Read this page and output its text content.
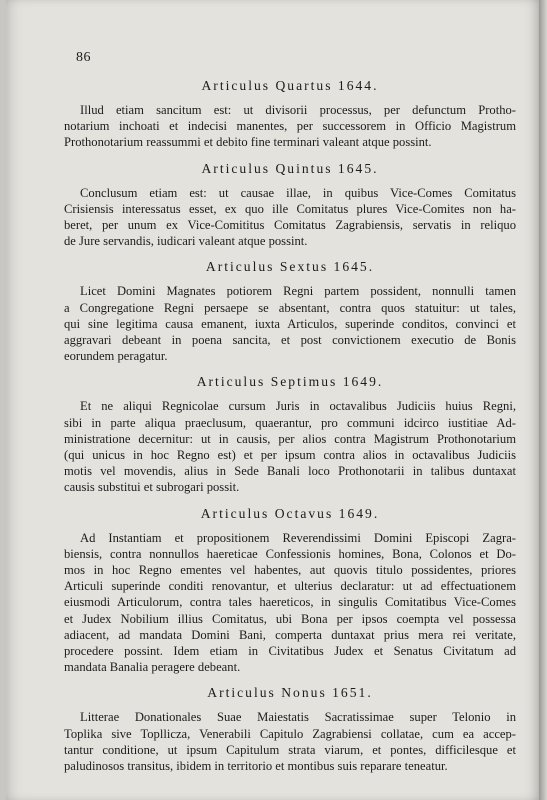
86
Articulus Quartus 1644.
Illud etiam sancitum est: ut divisorii processus, per defunctum Protho-
notarium inchoati et indecisi manentes, per successorem in Officio Magistrum
Prothonotarium reassummi et debito fine terminari valeant atque possint.
Articulus Quintus 1645.
Conclusum etiam est: ut causae illae, in quibus Vice-Comes Comitatus
Crisiensis interessatus esset, ex quo ille Comitatus plures Vice-Comites non ha-
beret, per unum ex Vice-Comititus Comitatus Zagrabiensis, servatis in reliquo
de Jure servandis, iudicari valeant atque possint.
Articulus Sextus 1645.
Licet Domini Magnates potiorem Regni partem possident, nonnulli tamen
a Congregatione Regni persaepe se absentant, contra quos statuitur: ut tales,
qui sine legitima causa emanent, iuxta Articulos, superinde conditos, convinci et
aggravari debeant in poena sancita, et post convictionem executio de Bonis
eorundem peragatur.
Articulus Septimus 1649.
Et ne aliqui Regnicolae cursum Juris in octavalibus Judiciis huius Regni,
sibi in parte aliqua praeclusum, quaerantur, pro communi idcirco iustitiae Ad-
ministratione decernitur: ut in causis, per alios contra Magistrum Prothonotarium
(qui unicus in hoc Regno est) et per ipsum contra alios in octavalibus Judiciis
motis vel movendis, alius in Sede Banali loco Prothonotarii in talibus duntaxat
causis substitui et subrogari possit.
Articulus Octavus 1649.
Ad Instantiam et propositionem Reverendissimi Domini Episcopi Zagra-
biensis, contra nonnullos haereticae Confessionis homines, Bona, Colonos et Do-
mos in hoc Regno ementes vel habentes, aut quovis titulo possidentes, priores
Articuli superinde conditi renovantur, et ulterius declaratur: ut ad effectuationem
eiusmodi Articulorum, contra tales haereticos, in singulis Comitatibus Vice-Comes
et Judex Nobilium illius Comitatus, ubi Bona per ipsos coempta vel possessa
adiacent, ad mandata Domini Bani, comperta duntaxat prius mera rei veritate,
procedere possint. Idem etiam in Civitatibus Judex et Senatus Civitatum ad
mandata Banalia peragere debeant.
Articulus Nonus 1651.
Litterae Donationales Suae Maiestatis Sacratissimae super Telonio in
Toplika sive Topllicza, Venerabili Capitulo Zagrabiensi collatae, cum ea accep-
tantur conditione, ut ipsum Capitulum strata viarum, et pontes, difficilesque et
paludinosos transitus, ibidem in territorio et montibus suis reparare teneatur.
